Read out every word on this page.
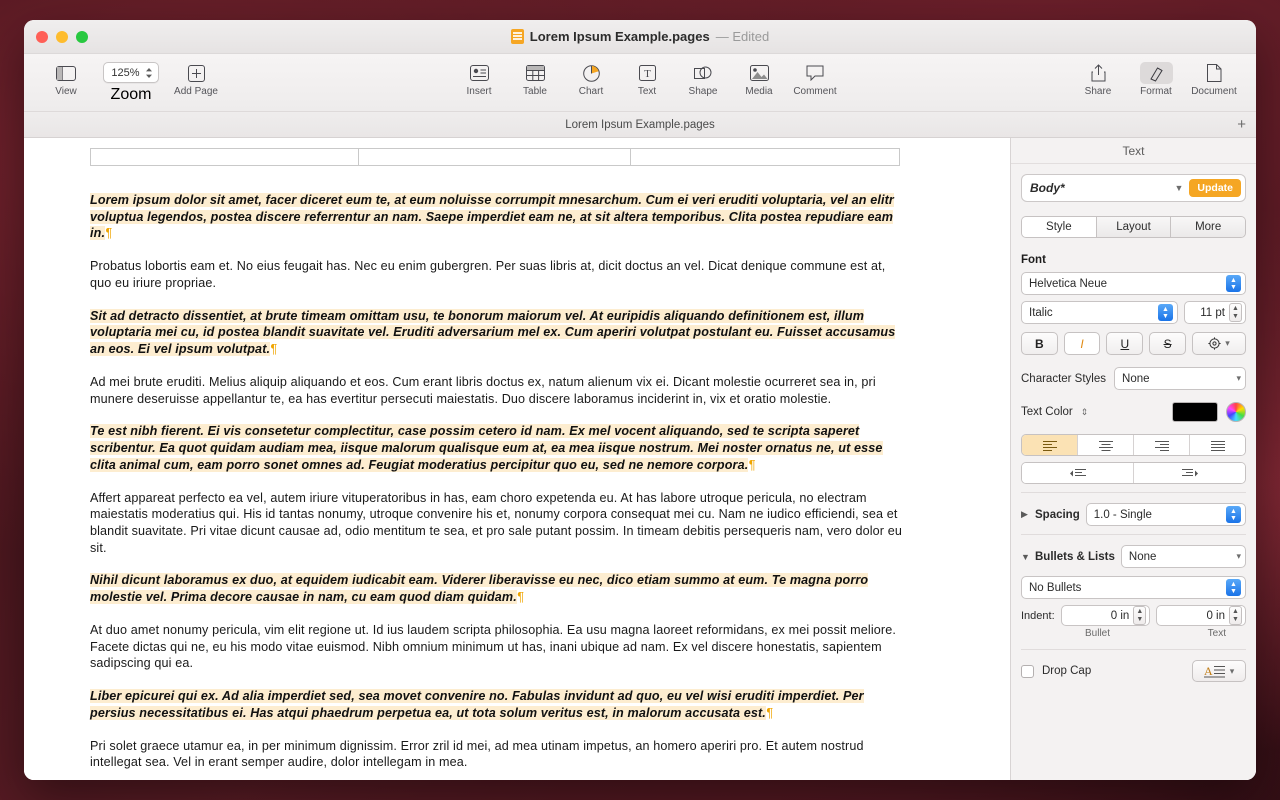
Lorem Ipsum Example.pages — Edited
View
125%
Zoom Add Page	Insert	Table	Chart
T
Text	Shape	Media Comment	Share	Format Document
Lorem Ipsum Example.pages	+

Lorem ipsum dolor sit amet, facer diceret eum te, at eum noluisse corrumpit mnesarchum. Cum ei veri eruditi voluptaria, vel an elitr voluptua legendos, postea discere referrentur an nam. Saepe imperdiet eam ne, at sit altera temporibus. Clita postea repudiare eam in.¶

Probatus lobortis eam et. No eius feugait has. Nec eu enim gubergren. Per suas libris at, dicit doctus an vel. Dicat denique commune est at, quo eu iriure propriae.

Sit ad detracto dissentiet, at brute timeam omittam usu, te bonorum maiorum vel. At euripidis aliquando definitionem est, illum voluptaria mei cu, id postea blandit suavitate vel. Eruditi adversarium mel ex. Cum aperiri volutpat postulant eu. Fuisset accusamus an eos. Ei vel ipsum volutpat.¶

Ad mei brute eruditi. Melius aliquip aliquando et eos. Cum erant libris doctus ex, natum alienum vix ei. Dicant molestie ocurreret sea in, pri munere deseruisse appellantur te, ea has evertitur persecuti maiestatis. Duo discere laboramus inciderint in, vix et oratio molestie.

Te est nibh fierent. Ei vis consetetur complectitur, case possim cetero id nam. Ex mel vocent aliquando, sed te scripta saperet scribentur. Ea quot quidam audiam mea, iisque malorum qualisque eum at, ea mea iisque nostrum. Mei noster ornatus ne, ut esse clita animal cum, eam porro sonet omnes ad. Feugiat moderatius percipitur quo eu, sed ne nemore corpora.¶

Affert appareat perfecto ea vel, autem iriure vituperatoribus in has, eam choro expetenda eu. At has labore utroque pericula, no electram maiestatis moderatius qui. His id tantas nonumy, utroque convenire his et, nonumy corpora consequat mei cu. Nam ne iudico efficiendi, sea et blandit suavitate. Pri vitae dicunt causae ad, odio mentitum te sea, et pro sale putant possim. In timeam debitis persequeris nam, vero dolor eu sit.

Nihil dicunt laboramus ex duo, at equidem iudicabit eam. Viderer liberavisse eu nec, dico etiam summo at eum. Te magna porro molestie vel. Prima decore causae in nam, cu eam quod diam quidam.¶

At duo amet nonumy pericula, vim elit regione ut. Id ius laudem scripta philosophia. Ea usu magna laoreet reformidans, ex mei possit meliore. Facete dictas qui ne, eu his modo vitae euismod. Nibh omnium minimum ut has, inani ubique ad nam. Ex vel discere honestatis, sapientem sadipscing qui ea.

Liber epicurei qui ex. Ad alia imperdiet sed, sea movet convenire no. Fabulas invidunt ad quo, eu vel wisi eruditi imperdiet. Per persius necessitatibus ei. Has atqui phaedrum perpetua ea, ut tota solum veritus est, in malorum accusata est.¶

Pri solet graece utamur ea, in per minimum dignissim. Error zril id mei, ad mea utinam impetus, an homero aperiri pro. Et autem nostrud intellegat sea. Vel in erant semper audire, dolor intellegam in mea.

Text
Body*	▼	Update
Style	Layout	More
Font
Helvetica Neue	▲
▼
Italic	▲
▼	11 pt	▲
▼
B	I	U	S	▾
Character Styles None	▾
Text Color ⇕
▶ Spacing 1.0 - Single	▲
▼
▼ Bullets & Lists None	▾
No Bullets	▲
▼
Indent:	0 in	▲
▼	0 in	▲
▼
Bullet	Text
Drop Cap	A ▾
